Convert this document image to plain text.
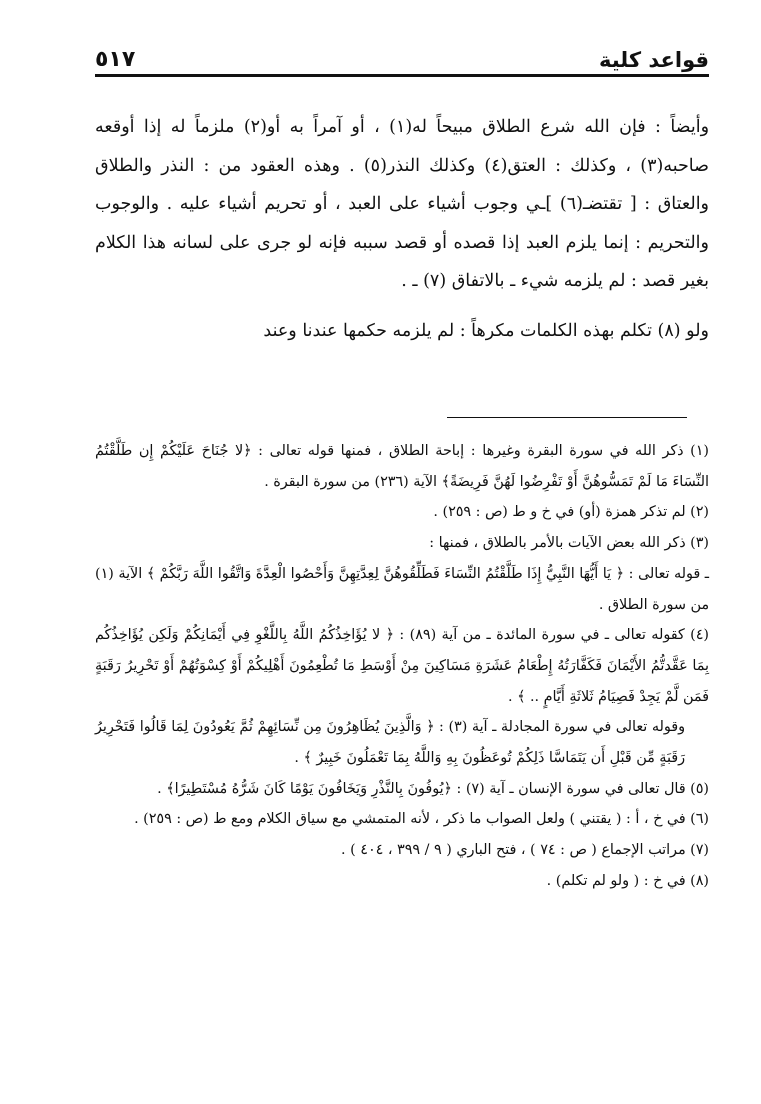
٥١٧	قواعد كلية

وأيضاً : فإن الله شرع الطلاق مبيحاً له(١) ، أو آمراً به أو(٢) ملزماً له إذا أوقعه صاحبه(٣) ، وكذلك : العتق(٤) وكذلك النذر(٥) . وهذه العقود من : النذر والطلاق والعتاق : [ تقتضـ(٦) ]ـي وجوب أشياء على العبد ، أو تحريم أشياء عليه . والوجوب والتحريم : إنما يلزم العبد إذا قصده أو قصد سببه فإنه لو جرى على لسانه هذا الكلام بغير قصد : لم يلزمه شيء ـ بالاتفاق (٧) ـ .

ولو (٨) تكلم بهذه الكلمات مكرهاً : لم يلزمه حكمها عندنا وعند

(١) ذكر الله في سورة البقرة وغيرها : إباحة الطلاق ، فمنها قوله تعالى : ﴿لا جُنَاحَ عَلَيْكُمْ إِن طَلَّقْتُمُ النِّسَاءَ مَا لَمْ تَمَسُّوهُنَّ أَوْ تَفْرِضُوا لَهُنَّ فَرِيضَةً﴾ الآية (٢٣٦) من سورة البقرة .

(٢) لم تذكر همزة (أو) في خ و ط (ص : ٢٥٩) .

(٣) ذكر الله بعض الآيات بالأمر بالطلاق ، فمنها :

ـ قوله تعالى : ﴿ يَا أَيُّهَا النَّبِيُّ إِذَا طَلَّقْتُمُ النِّسَاءَ فَطَلِّقُوهُنَّ لِعِدَّتِهِنَّ وَأَحْصُوا الْعِدَّةَ وَاتَّقُوا اللَّهَ رَبَّكُمْ ﴾ الآية (١) من سورة الطلاق .

(٤) كقوله تعالى ـ في سورة المائدة ـ من آية (٨٩) : ﴿ لا يُؤَاخِذُكُمُ اللَّهُ بِاللَّغْوِ فِي أَيْمَانِكُمْ وَلَكِن يُؤَاخِذُكُم بِمَا عَقَّدتُّمُ الأَيْمَانَ فَكَفَّارَتُهُ إِطْعَامُ عَشَرَةِ مَسَاكِينَ مِنْ أَوْسَطِ مَا تُطْعِمُونَ أَهْلِيكُمْ أَوْ كِسْوَتُهُمْ أَوْ تَحْرِيرُ رَقَبَةٍ فَمَن لَّمْ يَجِدْ فَصِيَامُ ثَلاثَةِ أَيَّامٍ .. ﴾ .

وقوله تعالى في سورة المجادلة ـ آية (٣) : ﴿ وَالَّذِينَ يُظَاهِرُونَ مِن نِّسَائِهِمْ ثُمَّ يَعُودُونَ لِمَا قَالُوا فَتَحْرِيرُ رَقَبَةٍ مِّن قَبْلِ أَن يَتَمَاسَّا ذَلِكُمْ تُوعَظُونَ بِهِ وَاللَّهُ بِمَا تَعْمَلُونَ خَبِيرٌ ﴾ .

(٥) قال تعالى في سورة الإنسان ـ آية (٧) : ﴿يُوفُونَ بِالنَّذْرِ وَيَخَافُونَ يَوْمًا كَانَ شَرُّهُ مُسْتَطِيرًا﴾ .

(٦) في خ ، أ : ( يقتني ) ولعل الصواب ما ذكر ، لأنه المتمشي مع سياق الكلام ومع ط (ص : ٢٥٩) .

(٧) مراتب الإجماع ( ص : ٧٤ ) ، فتح الباري ( ٩ / ٣٩٩ ، ٤٠٤ ) .

(٨) في خ : ( ولو لم تكلم) .
